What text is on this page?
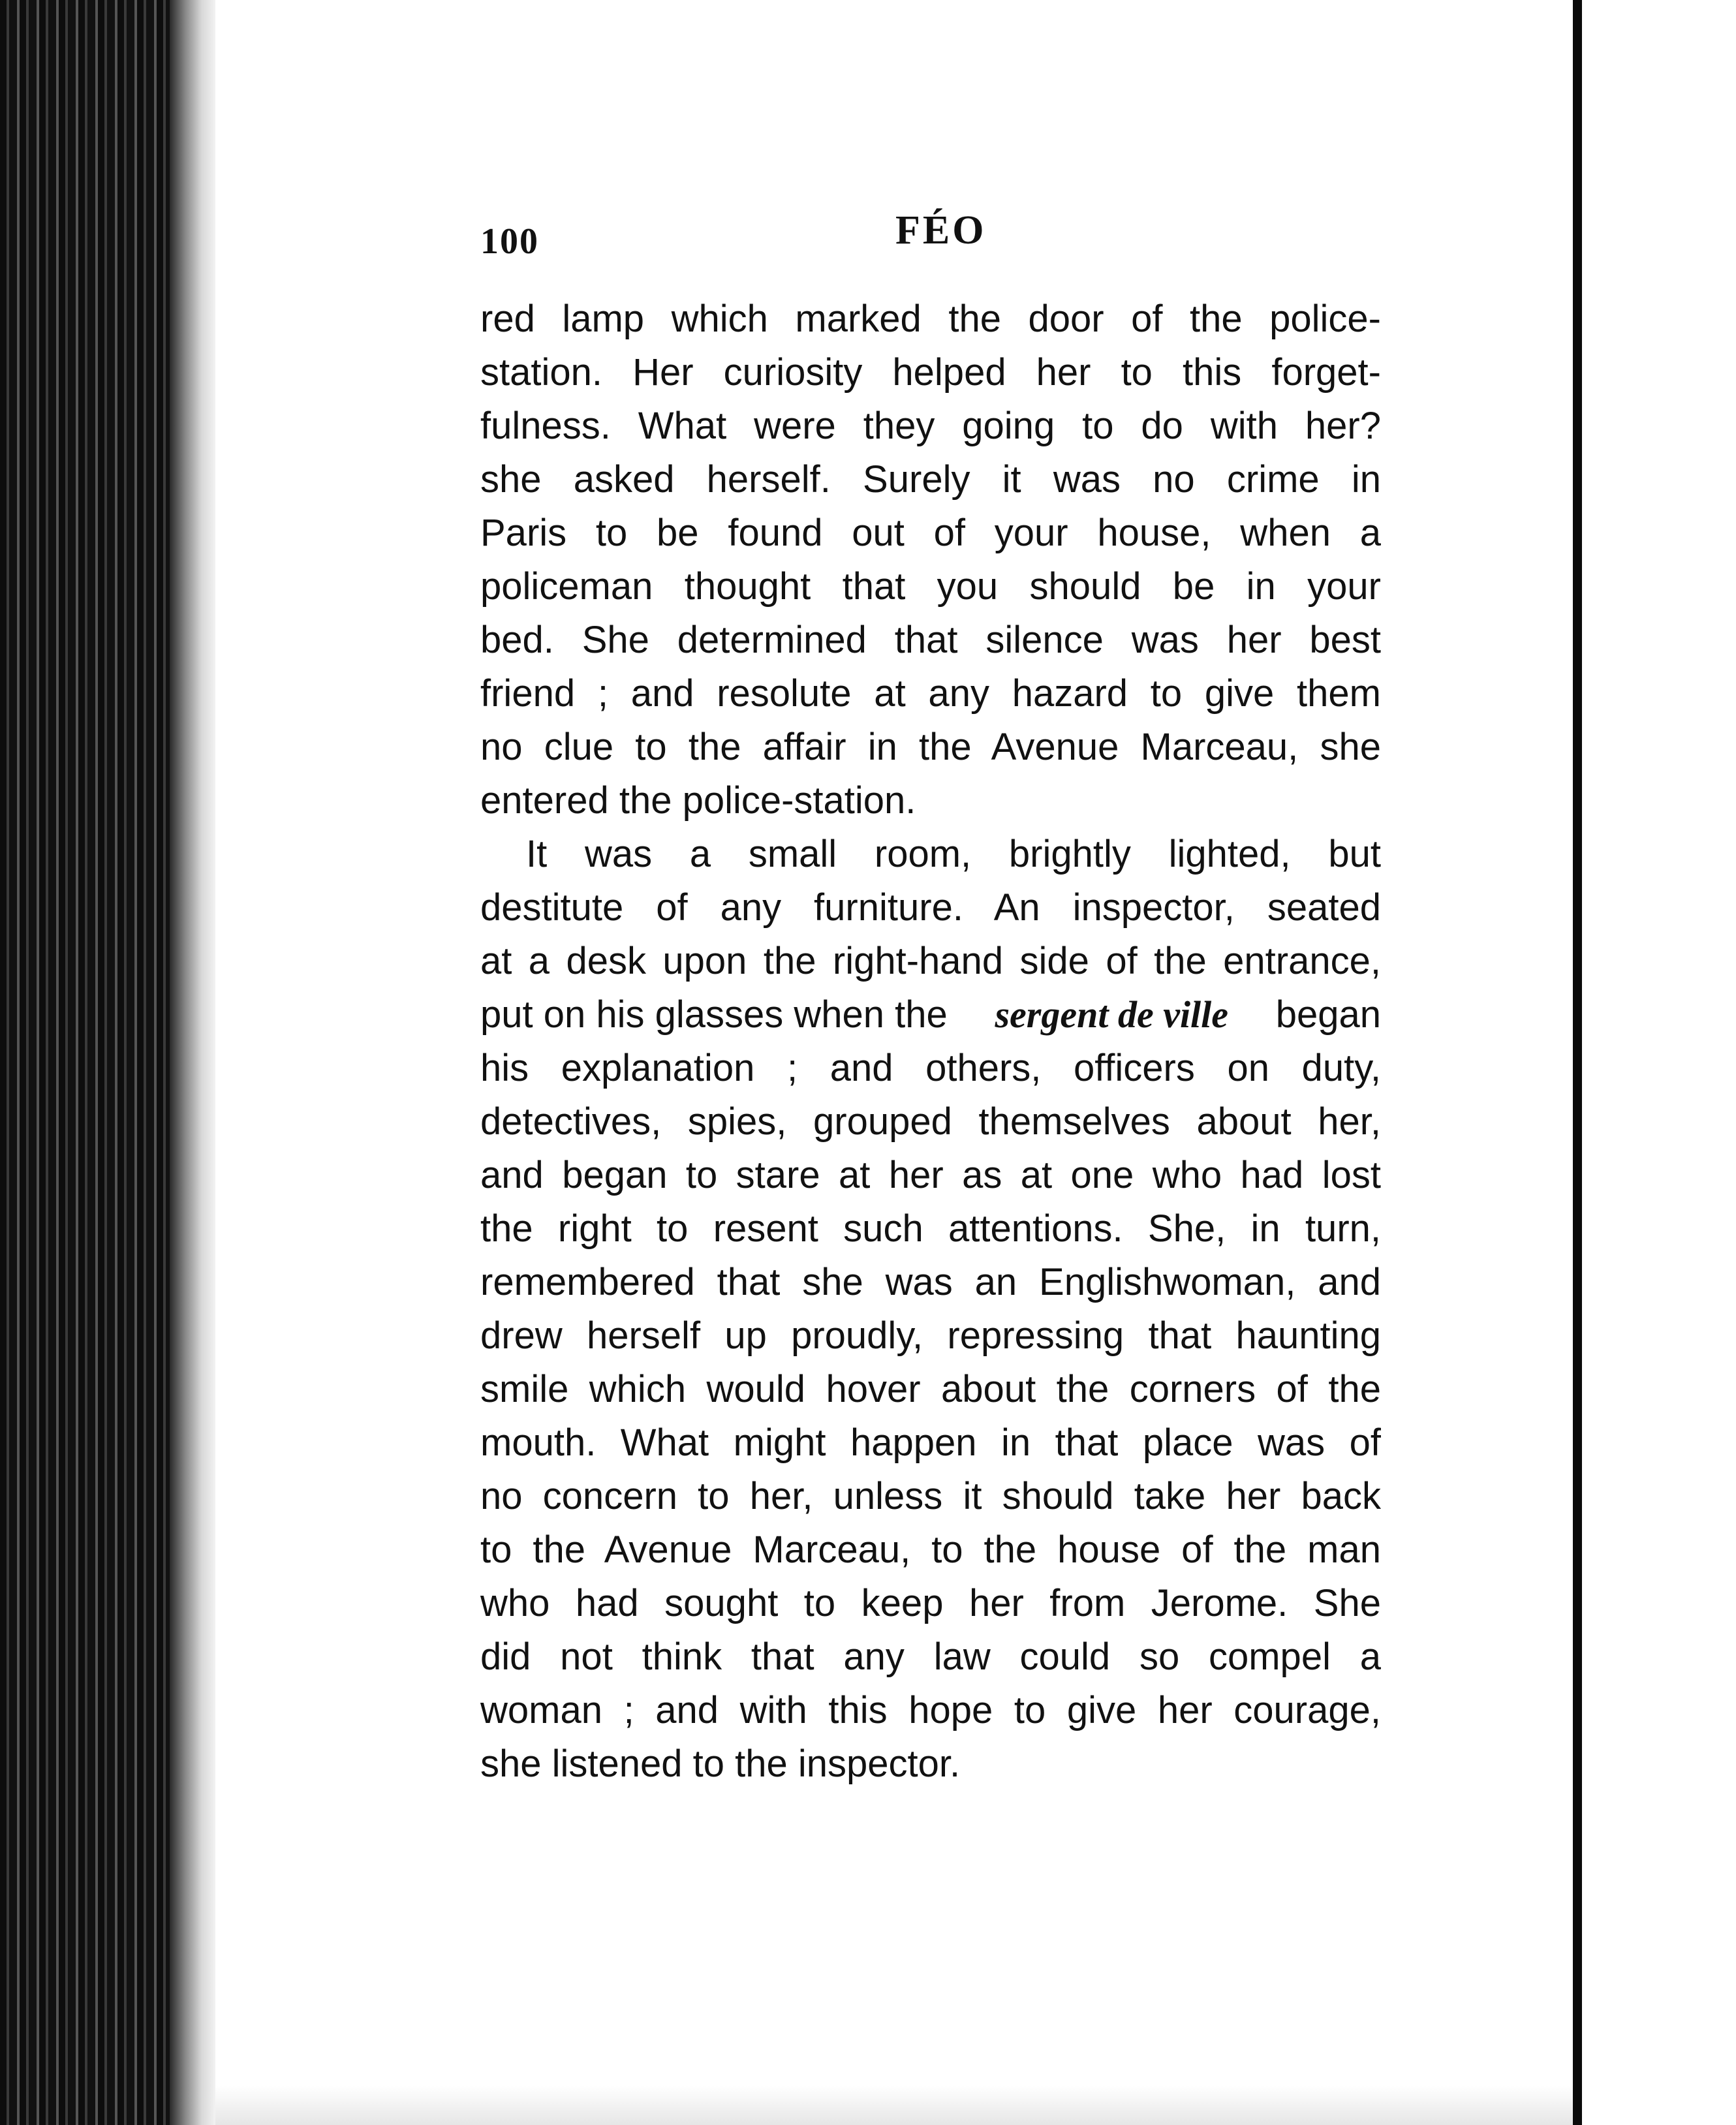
100	FÉO
red lamp which marked the door of the police-
station. Her curiosity helped her to this forget-
fulness. What were they going to do with her?
she asked herself. Surely it was no crime in
Paris to be found out of your house, when a
policeman thought that you should be in your
bed. She determined that silence was her best
friend ; and resolute at any hazard to give them
no clue to the affair in the Avenue Marceau, she
entered the police-station.
It was a small room, brightly lighted, but
destitute of any furniture. An inspector, seated
at a desk upon the right-hand side of the entrance,
put on his glasses when the sergent de ville began
his explanation ; and others, officers on duty,
detectives, spies, grouped themselves about her,
and began to stare at her as at one who had lost
the right to resent such attentions. She, in turn,
remembered that she was an Englishwoman, and
drew herself up proudly, repressing that haunting
smile which would hover about the corners of the
mouth. What might happen in that place was of
no concern to her, unless it should take her back
to the Avenue Marceau, to the house of the man
who had sought to keep her from Jerome. She
did not think that any law could so compel a
woman ; and with this hope to give her courage,
she listened to the inspector.
